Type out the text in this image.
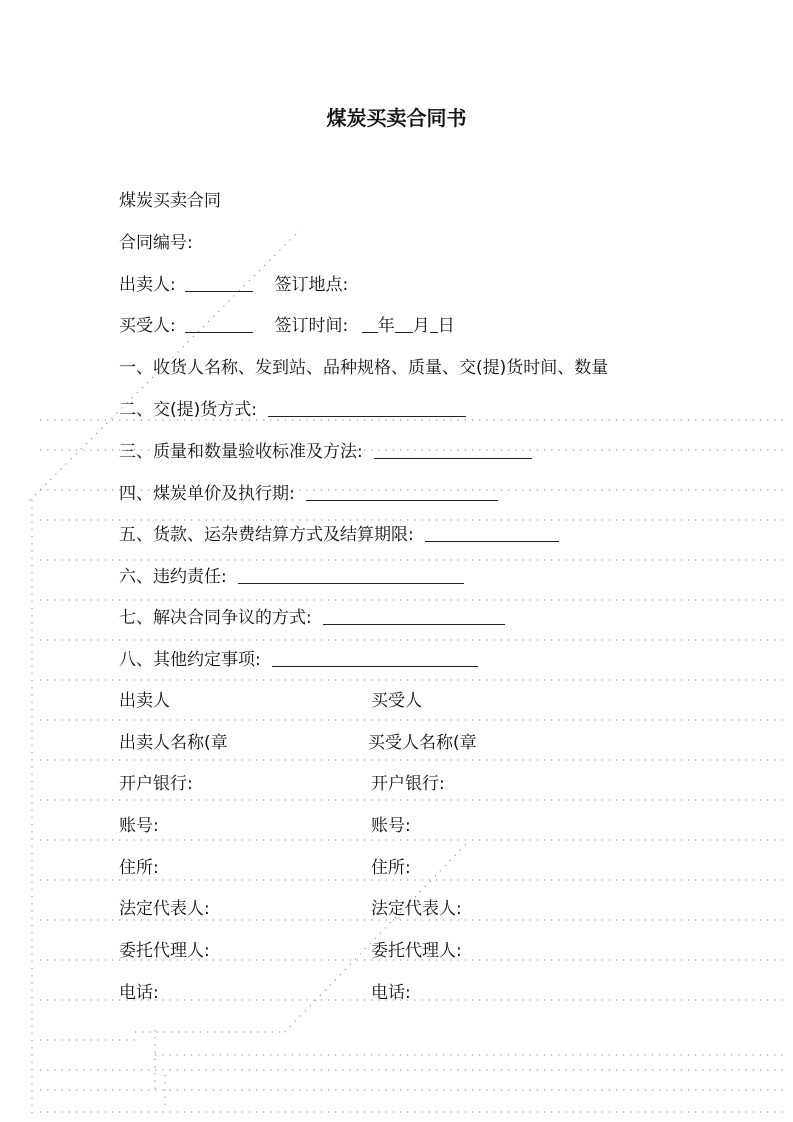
煤炭买卖合同书
煤炭买卖合同
合同编号:
出卖人:	签订地点:
买受人:	签订时间: 年 月 日
一、收货人名称、发到站、品种规格、质量、交(提)货时间、数量
二、交(提)货方式:
三、质量和数量验收标准及方法:
四、煤炭单价及执行期:
五、货款、运杂费结算方式及结算期限:
六、违约责任:
七、解决合同争议的方式:
八、其他约定事项:
出卖人	买受人
出卖人名称(章	买受人名称(章
开户银行:	开户银行:
账号:	账号:
住所:	住所:
法定代表人:	法定代表人:
委托代理人:	委托代理人:
电话:	电话:
